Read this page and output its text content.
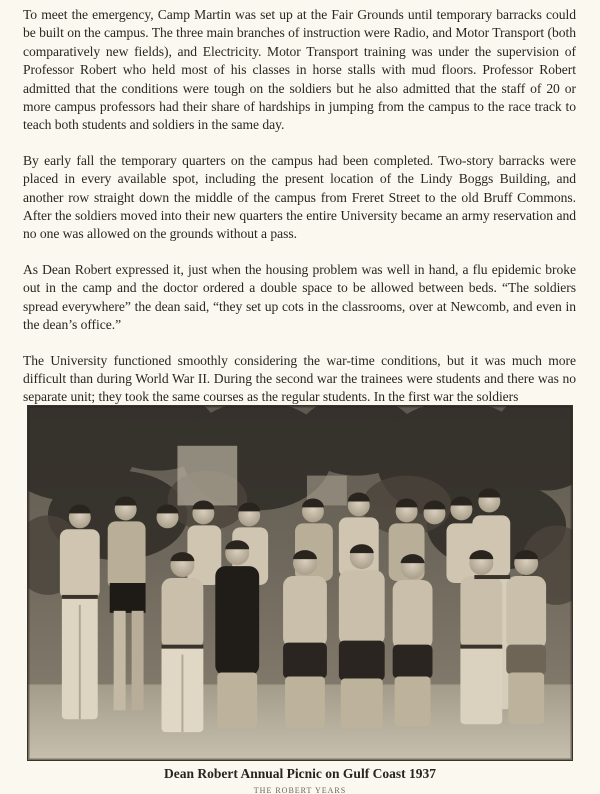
To meet the emergency, Camp Martin was set up at the Fair Grounds until temporary barracks could be built on the campus. The three main branches of instruction were Radio, and Motor Transport (both comparatively new fields), and Electricity. Motor Transport training was under the supervision of Professor Robert who held most of his classes in horse stalls with mud floors. Professor Robert admitted that the conditions were tough on the soldiers but he also admitted that the staff of 20 or more campus professors had their share of hardships in jumping from the campus to the race track to teach both students and soldiers in the same day.

By early fall the temporary quarters on the campus had been completed. Two-story barracks were placed in every available spot, including the present location of the Lindy Boggs Building, and another row straight down the middle of the campus from Freret Street to the old Bruff Commons. After the soldiers moved into their new quarters the entire University became an army reservation and no one was allowed on the grounds without a pass.

As Dean Robert expressed it, just when the housing problem was well in hand, a flu epidemic broke out in the camp and the doctor ordered a double space to be allowed between beds. “The soldiers spread everywhere” the dean said, “they set up cots in the classrooms, over at Newcomb, and even in the dean’s office.”

The University functioned smoothly considering the war-time conditions, but it was much more difficult than during World War II. During the second war the trainees were students and there was no separate unit; they took the same courses as the regular students. In the first war the soldiers

Dean Robert Annual Picnic on Gulf Coast 1937
THE ROBERT YEARS
